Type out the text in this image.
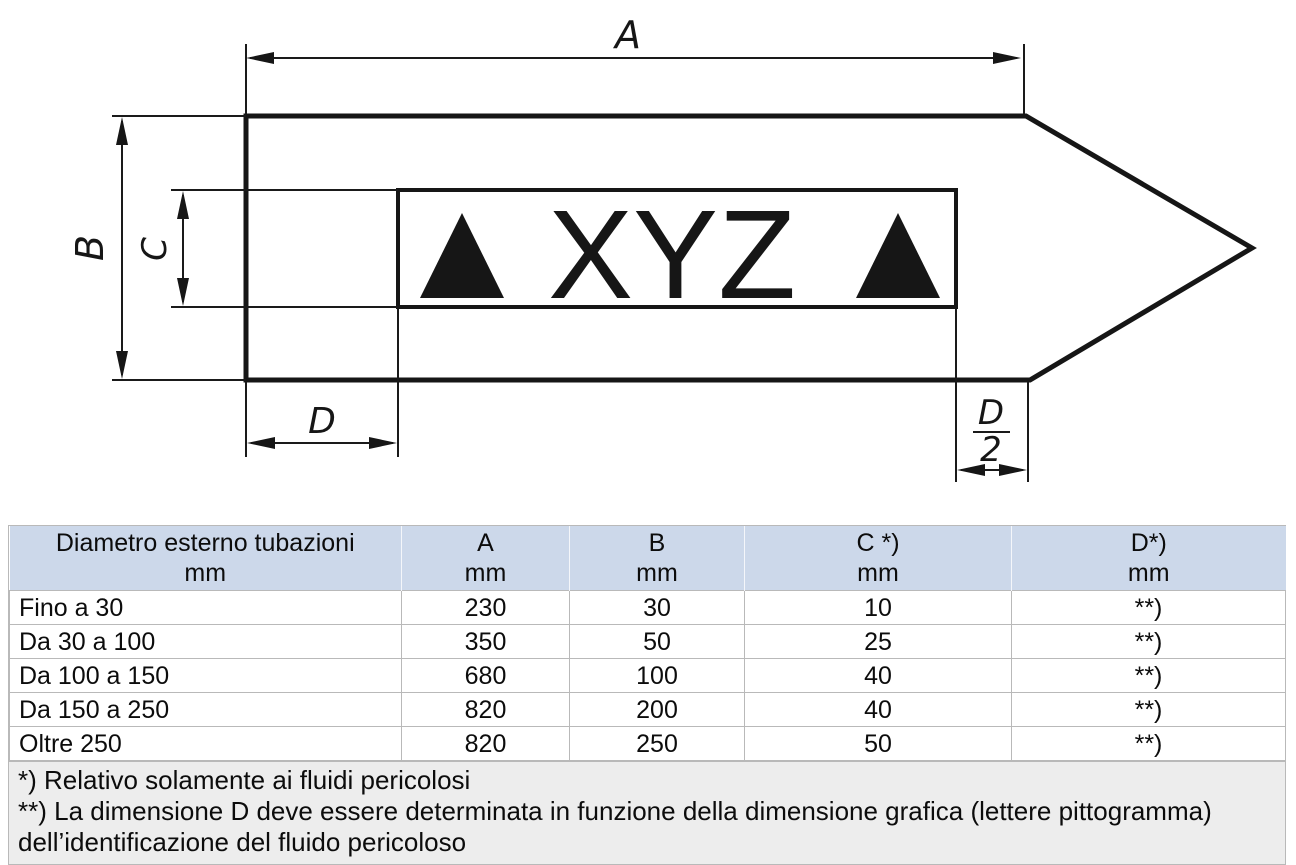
XYZ
A
B C
D	D
2
Diametro esterno tubazioni
mm

A
mm

B
mm

C *)
mm

D*)
mm

Fino a 30	230	30	10	**)
Da 30 a 100	350	50	25	**)
Da 100 a 150	680	100	40	**)
Da 150 a 250	820	200	40	**)
Oltre 250	820	250	50	**)
*) Relativo solamente ai fluidi pericolosi
**) La dimensione D deve essere determinata in funzione della dimensione grafica (lettere pittogramma)
dell’identificazione del fluido pericoloso
